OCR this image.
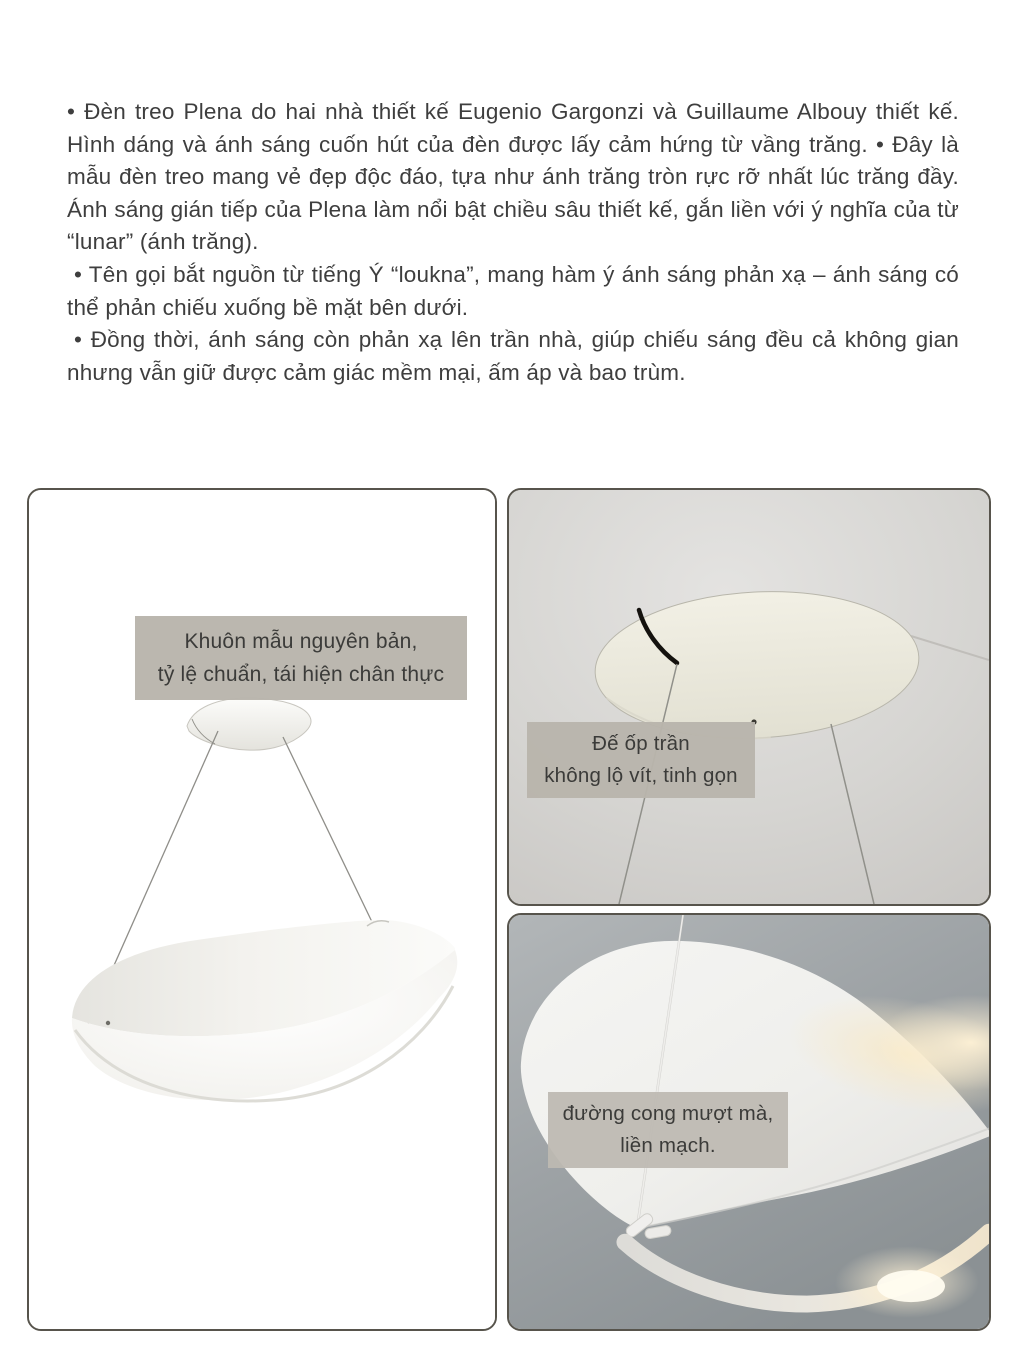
• Đèn treo Plena do hai nhà thiết kế Eugenio Gargonzi và Guillaume Albouy thiết kế. Hình dáng và ánh sáng cuốn hút của đèn được lấy cảm hứng từ vầng trăng. • Đây là mẫu đèn treo mang vẻ đẹp độc đáo, tựa như ánh trăng tròn rực rỡ nhất lúc trăng đầy. Ánh sáng gián tiếp của Plena làm nổi bật chiều sâu thiết kế, gắn liền với ý nghĩa của từ “lunar” (ánh trăng).

• Tên gọi bắt nguồn từ tiếng Ý “loukna”, mang hàm ý ánh sáng phản xạ – ánh sáng có thể phản chiếu xuống bề mặt bên dưới.

• Đồng thời, ánh sáng còn phản xạ lên trần nhà, giúp chiếu sáng đều cả không gian nhưng vẫn giữ được cảm giác mềm mại, ấm áp và bao trùm.

Khuôn mẫu nguyên bản,
tỷ lệ chuẩn, tái hiện chân thực
Đế ốp trần
không lộ vít, tinh gọn
đường cong mượt mà,
liền mạch.
